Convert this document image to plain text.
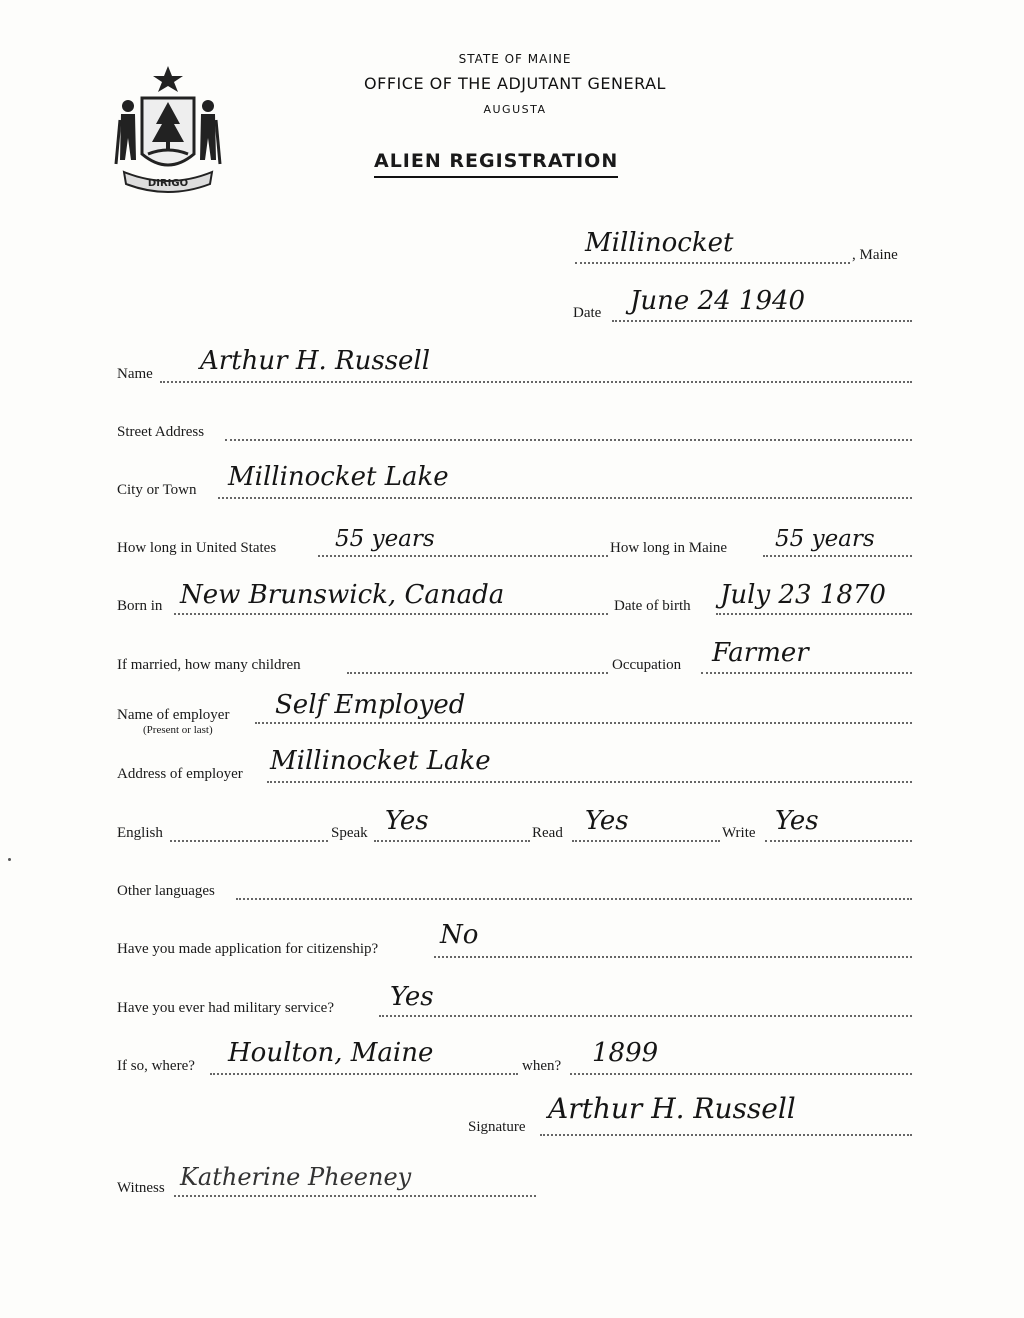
DIRIGO
STATE OF MAINE
OFFICE OF THE ADJUTANT GENERAL
AUGUSTA
ALIEN REGISTRATION
Millinocket	, Maine
Date June 24 1940
Name Arthur H. Russell
Street Address
City or Town Millinocket Lake
How long in United States	55 years	How long in Maine 55 years
Born in New Brunswick, Canada	Date of birth July 23 1870
If married, how many children	Occupation Farmer
Name of employer
(Present or last)
Self Employed
Address of employer Millinocket Lake
English	Speak Yes	Read Yes	Write Yes
Other languages
Have you made application for citizenship? No
Have you ever had military service? Yes
If so, where? Houlton, Maine	when? 1899
Signature
Arthur H. Russell
Witness Katherine Pheeney
